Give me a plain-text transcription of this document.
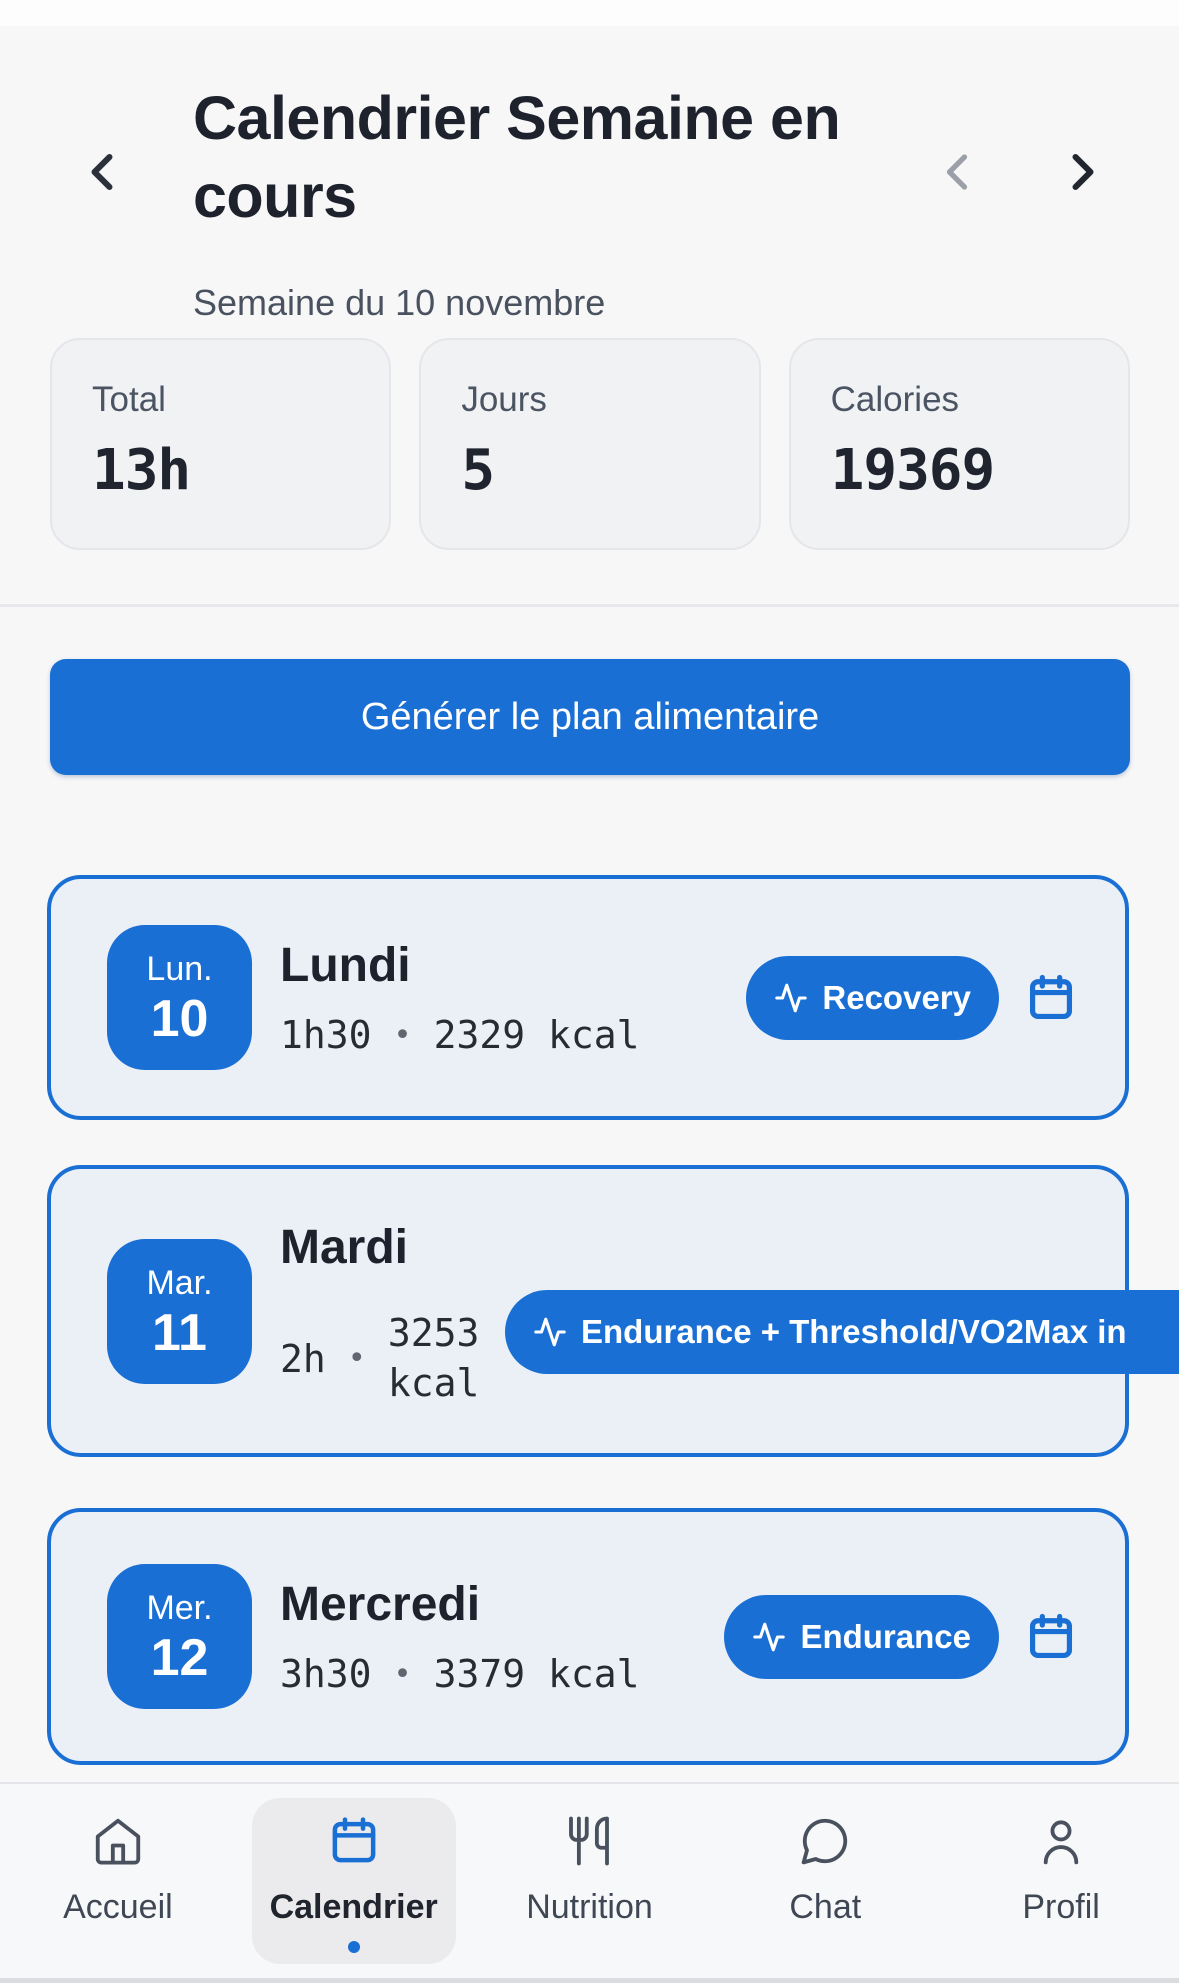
Calendrier Semaine en cours

Semaine du 10 novembre

Total
13h
Jours
5
Calories
19369
Générer le plan alimentaire
Lun.
10
Lundi
1h30 • 2329 kcal
Recovery
Mar.
11
Mardi
2h •
3253 kcal
Endurance + Threshold/VO2Max in
Mer.
12
Mercredi
3h30 • 3379 kcal
Endurance
Accueil	Calendrier	Nutrition	Chat	Profil
